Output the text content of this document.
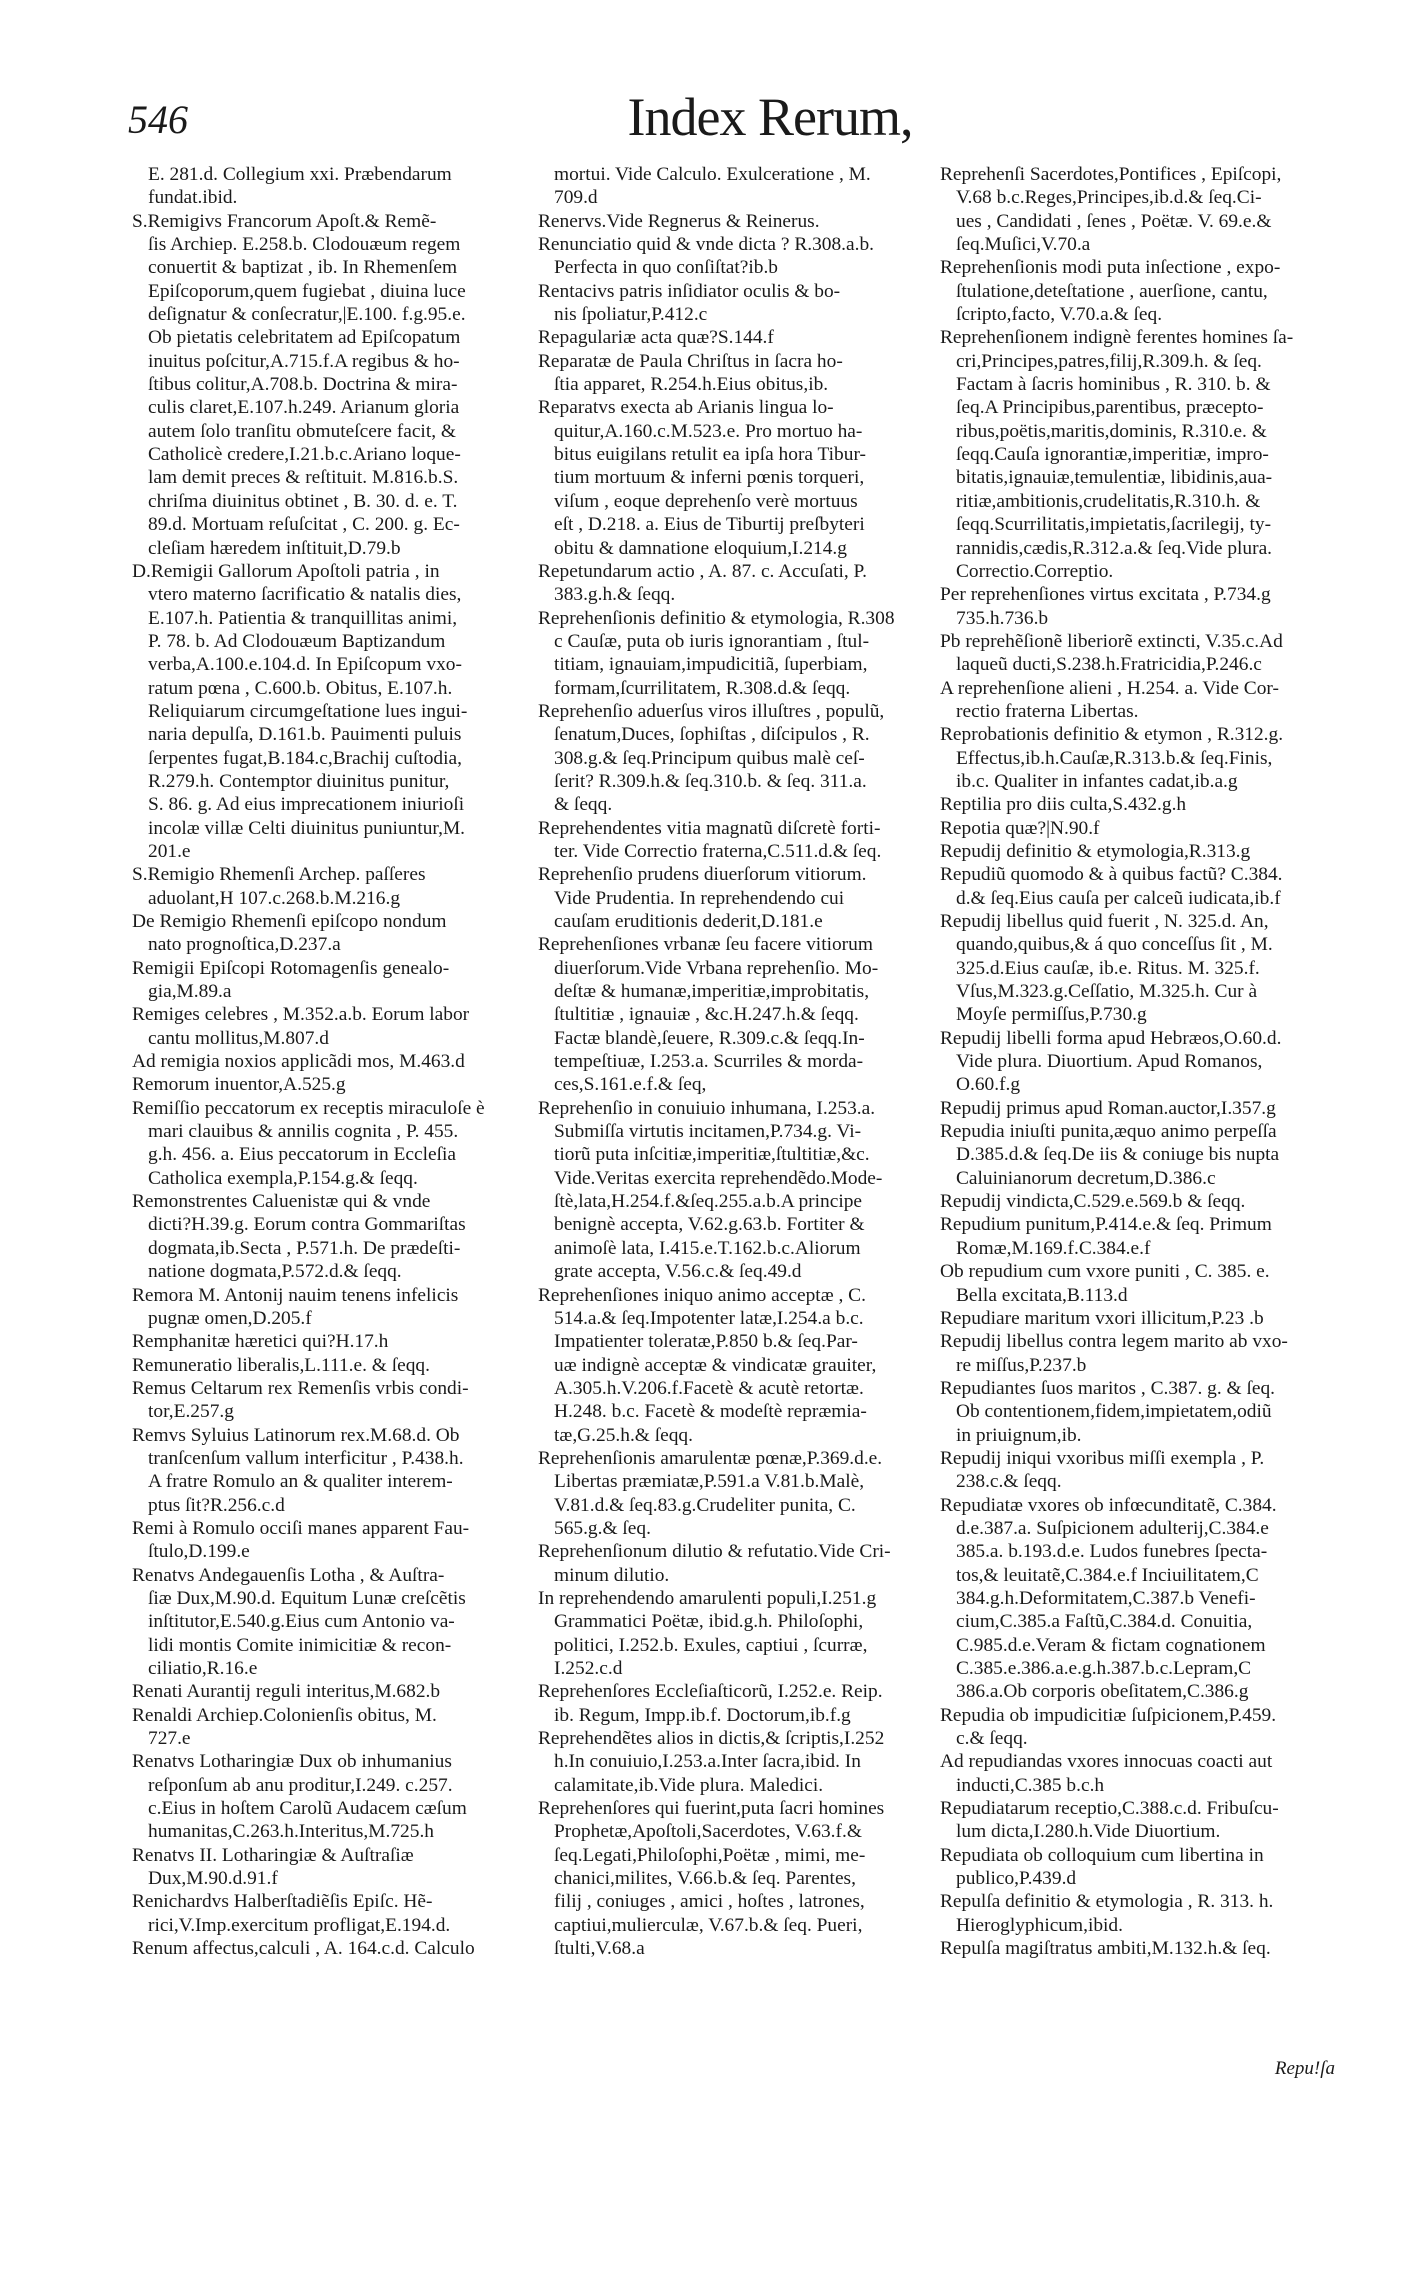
546	Index Rerum,
E. 281.d. Collegium xxi. Præbendarum
fundat.ibid.
S.Remigivs Francorum Apoſt.& Remẽ-
ſis Archiep. E.258.b. Clodouæum regem
conuertit & baptizat , ib. In Rhemenſem
Epiſcoporum,quem fugiebat , diuina luce
deſignatur & conſecratur,|E.100. f.g.95.e.
Ob pietatis celebritatem ad Epiſcopatum
inuitus poſcitur,A.715.f.A regibus & ho-
ſtibus colitur,A.708.b. Doctrina & mira-
culis claret,E.107.h.249. Arianum gloria
autem ſolo tranſitu obmuteſcere facit, &
Catholicè credere,I.21.b.c.Ariano loque-
lam demit preces & reſtituit. M.816.b.S.
chriſma diuinitus obtinet , B. 30. d. e. T.
89.d. Mortuam reſuſcitat , C. 200. g. Ec-
cleſiam hæredem inſtituit,D.79.b
D.Remigii Gallorum Apoſtoli patria , in
vtero materno ſacrificatio & natalis dies,
E.107.h. Patientia & tranquillitas animi,
P. 78. b. Ad Clodouæum Baptizandum
verba,A.100.e.104.d. In Epiſcopum vxo-
ratum pœna , C.600.b. Obitus, E.107.h.
Reliquiarum circumgeſtatione lues ingui-
naria depulſa, D.161.b. Pauimenti puluis
ſerpentes fugat,B.184.c,Brachij cuſtodia,
R.279.h. Contemptor diuinitus punitur,
S. 86. g. Ad eius imprecationem iniurioſi
incolæ villæ Celti diuinitus puniuntur,M.
201.e
S.Remigio Rhemenſi Archep. paſſeres
aduolant,H 107.c.268.b.M.216.g
De Remigio Rhemenſi epiſcopo nondum
nato prognoſtica,D.237.a
Remigii Epiſcopi Rotomagenſis genealo-
gia,M.89.a
Remiges celebres , M.352.a.b. Eorum labor
cantu mollitus,M.807.d
Ad remigia noxios applicãdi mos, M.463.d
Remorum inuentor,A.525.g
Remiſſio peccatorum ex receptis miraculoſe è
mari clauibus & annilis cognita , P. 455.
g.h. 456. a. Eius peccatorum in Eccleſia
Catholica exempla,P.154.g.& ſeqq.
Remonstrentes Caluenistæ qui & vnde
dicti?H.39.g. Eorum contra Gommariſtas
dogmata,ib.Secta , P.571.h. De prædeſti-
natione dogmata,P.572.d.& ſeqq.
Remora M. Antonij nauim tenens infelicis
pugnæ omen,D.205.f
Remphanitæ hæretici qui?H.17.h
Remuneratio liberalis,L.111.e. & ſeqq.
Remus Celtarum rex Remenſis vrbis condi-
tor,E.257.g
Remvs Syluius Latinorum rex.M.68.d. Ob
tranſcenſum vallum interficitur , P.438.h.
A fratre Romulo an & qualiter interem-
ptus ſit?R.256.c.d
Remi à Romulo occiſi manes apparent Fau-
ſtulo,D.199.e
Renatvs Andegauenſis Lotha , & Auſtra-
ſiæ Dux,M.90.d. Equitum Lunæ creſcẽtis
inſtitutor,E.540.g.Eius cum Antonio va-
lidi montis Comite inimicitiæ & recon-
ciliatio,R.16.e
Renati Aurantij reguli interitus,M.682.b
Renaldi Archiep.Colonienſis obitus, M.
727.e
Renatvs Lotharingiæ Dux ob inhumanius
reſponſum ab anu proditur,I.249. c.257.
c.Eius in hoſtem Carolũ Audacem cæſum
humanitas,C.263.h.Interitus,M.725.h
Renatvs II. Lotharingiæ & Auſtraſiæ
Dux,M.90.d.91.f
Renichardvs Halberſtadiẽſis Epiſc. Hẽ-
rici,V.Imp.exercitum profligat,E.194.d.
Renum affectus,calculi , A. 164.c.d. Calculo
mortui. Vide Calculo. Exulceratione , M.
709.d
Renervs.Vide Regnerus & Reinerus.
Renunciatio quid & vnde dicta ? R.308.a.b.
Perfecta in quo conſiſtat?ib.b
Rentacivs patris inſidiator oculis & bo-
nis ſpoliatur,P.412.c
Repagulariæ acta quæ?S.144.f
Reparatæ de Paula Chriſtus in ſacra ho-
ſtia apparet, R.254.h.Eius obitus,ib.
Reparatvs execta ab Arianis lingua lo-
quitur,A.160.c.M.523.e. Pro mortuo ha-
bitus euigilans retulit ea ipſa hora Tibur-
tium mortuum & inferni pœnis torqueri,
viſum , eoque deprehenſo verè mortuus
eſt , D.218. a. Eius de Tiburtij preſbyteri
obitu & damnatione eloquium,I.214.g
Repetundarum actio , A. 87. c. Accuſati, P.
383.g.h.& ſeqq.
Reprehenſionis definitio & etymologia, R.308
c Cauſæ, puta ob iuris ignorantiam , ſtul-
titiam, ignauiam,impudicitiã, ſuperbiam,
formam,ſcurrilitatem, R.308.d.& ſeqq.
Reprehenſio aduerſus viros illuſtres , populũ,
ſenatum,Duces, ſophiſtas , diſcipulos , R.
308.g.& ſeq.Principum quibus malè ceſ-
ſerit? R.309.h.& ſeq.310.b. & ſeq. 311.a.
& ſeqq.
Reprehendentes vitia magnatũ diſcretè forti-
ter. Vide Correctio fraterna,C.511.d.& ſeq.
Reprehenſio prudens diuerſorum vitiorum.
Vide Prudentia. In reprehendendo cui
cauſam eruditionis dederit,D.181.e
Reprehenſiones vrbanæ ſeu facere vitiorum
diuerſorum.Vide Vrbana reprehenſio. Mo-
deſtæ & humanæ,imperitiæ,improbitatis,
ſtultitiæ , ignauiæ , &c.H.247.h.& ſeqq.
Factæ blandè,ſeuere, R.309.c.& ſeqq.In-
tempeſtiuæ, I.253.a. Scurriles & morda-
ces,S.161.e.f.& ſeq,
Reprehenſio in conuiuio inhumana, I.253.a.
Submiſſa virtutis incitamen,P.734.g. Vi-
tiorũ puta inſcitiæ,imperitiæ,ſtultitiæ,&c.
Vide.Veritas exercita reprehendẽdo.Mode-
ſtè,lata,H.254.f.&ſeq.255.a.b.A principe
benignè accepta, V.62.g.63.b. Fortiter &
animoſè lata, I.415.e.T.162.b.c.Aliorum
grate accepta, V.56.c.& ſeq.49.d
Reprehenſiones iniquo animo acceptæ , C.
514.a.& ſeq.Impotenter latæ,I.254.a b.c.
Impatienter toleratæ,P.850 b.& ſeq.Par-
uæ indignè acceptæ & vindicatæ grauiter,
A.305.h.V.206.f.Facetè & acutè retortæ.
H.248. b.c. Facetè & modeſtè repræmia-
tæ,G.25.h.& ſeqq.
Reprehenſionis amarulentæ pœnæ,P.369.d.e.
Libertas præmiatæ,P.591.a V.81.b.Malè,
V.81.d.& ſeq.83.g.Crudeliter punita, C.
565.g.& ſeq.
Reprehenſionum dilutio & refutatio.Vide Cri-
minum dilutio.
In reprehendendo amarulenti populi,I.251.g
Grammatici Poëtæ, ibid.g.h. Philoſophi,
politici, I.252.b. Exules, captiui , ſcurræ,
I.252.c.d
Reprehenſores Eccleſiaſticorũ, I.252.e. Reip.
ib. Regum, Impp.ib.f. Doctorum,ib.f.g
Reprehendẽtes alios in dictis,& ſcriptis,I.252
h.In conuiuio,I.253.a.Inter ſacra,ibid. In
calamitate,ib.Vide plura. Maledici.
Reprehenſores qui fuerint,puta ſacri homines
Prophetæ,Apoſtoli,Sacerdotes, V.63.f.&
ſeq.Legati,Philoſophi,Poëtæ , mimi, me-
chanici,milites, V.66.b.& ſeq. Parentes,
filij , coniuges , amici , hoſtes , latrones,
captiui,mulierculæ, V.67.b.& ſeq. Pueri,
ſtulti,V.68.a
Reprehenſi Sacerdotes,Pontifices , Epiſcopi,
V.68 b.c.Reges,Principes,ib.d.& ſeq.Ci-
ues , Candidati , ſenes , Poëtæ. V. 69.e.&
ſeq.Muſici,V.70.a
Reprehenſionis modi puta inſectione , expo-
ſtulatione,deteſtatione , auerſione, cantu,
ſcripto,facto, V.70.a.& ſeq.
Reprehenſionem indignè ferentes homines ſa-
cri,Principes,patres,filij,R.309.h. & ſeq.
Factam à ſacris hominibus , R. 310. b. &
ſeq.A Principibus,parentibus, præcepto-
ribus,poëtis,maritis,dominis, R.310.e. &
ſeqq.Cauſa ignorantiæ,imperitiæ, impro-
bitatis,ignauiæ,temulentiæ, libidinis,aua-
ritiæ,ambitionis,crudelitatis,R.310.h. &
ſeqq.Scurrilitatis,impietatis,ſacrilegij, ty-
rannidis,cædis,R.312.a.& ſeq.Vide plura.
Correctio.Correptio.
Per reprehenſiones virtus excitata , P.734.g
735.h.736.b
Pb reprehẽſionẽ liberiorẽ extincti, V.35.c.Ad
laqueũ ducti,S.238.h.Fratricidia,P.246.c
A reprehenſione alieni , H.254. a. Vide Cor-
rectio fraterna Libertas.
Reprobationis definitio & etymon , R.312.g.
Effectus,ib.h.Cauſæ,R.313.b.& ſeq.Finis,
ib.c. Qualiter in infantes cadat,ib.a.g
Reptilia pro diis culta,S.432.g.h
Repotia quæ?|N.90.f
Repudij definitio & etymologia,R.313.g
Repudiũ quomodo & à quibus factũ? C.384.
d.& ſeq.Eius cauſa per calceũ iudicata,ib.f
Repudij libellus quid fuerit , N. 325.d. An,
quando,quibus,& á quo conceſſus ſit , M.
325.d.Eius cauſæ, ib.e. Ritus. M. 325.f.
Vſus,M.323.g.Ceſſatio, M.325.h. Cur à
Moyſe permiſſus,P.730.g
Repudij libelli forma apud Hebræos,O.60.d.
Vide plura. Diuortium. Apud Romanos,
O.60.f.g
Repudij primus apud Roman.auctor,I.357.g
Repudia iniuſti punita,æquo animo perpeſſa
D.385.d.& ſeq.De iis & coniuge bis nupta
Caluinianorum decretum,D.386.c
Repudij vindicta,C.529.e.569.b & ſeqq.
Repudium punitum,P.414.e.& ſeq. Primum
Romæ,M.169.f.C.384.e.f
Ob repudium cum vxore puniti , C. 385. e.
Bella excitata,B.113.d
Repudiare maritum vxori illicitum,P.23 .b
Repudij libellus contra legem marito ab vxo-
re miſſus,P.237.b
Repudiantes ſuos maritos , C.387. g. & ſeq.
Ob contentionem,fidem,impietatem,odiũ
in priuignum,ib.
Repudij iniqui vxoribus miſſi exempla , P.
238.c.& ſeqq.
Repudiatæ vxores ob infœcunditatẽ, C.384.
d.e.387.a. Suſpicionem adulterij,C.384.e
385.a. b.193.d.e. Ludos funebres ſpecta-
tos,& leuitatẽ,C.384.e.f Inciuilitatem,C
384.g.h.Deformitatem,C.387.b Venefi-
cium,C.385.a Faſtũ,C.384.d. Conuitia,
C.985.d.e.Veram & fictam cognationem
C.385.e.386.a.e.g.h.387.b.c.Lepram,C
386.a.Ob corporis obeſitatem,C.386.g
Repudia ob impudicitiæ ſuſpicionem,P.459.
c.& ſeqq.
Ad repudiandas vxores innocuas coacti aut
inducti,C.385 b.c.h
Repudiatarum receptio,C.388.c.d. Fribuſcu-
lum dicta,I.280.h.Vide Diuortium.
Repudiata ob colloquium cum libertina in
publico,P.439.d
Repulſa definitio & etymologia , R. 313. h.
Hieroglyphicum,ibid.
Repulſa magiſtratus ambiti,M.132.h.& ſeq.
Repu!ſa
